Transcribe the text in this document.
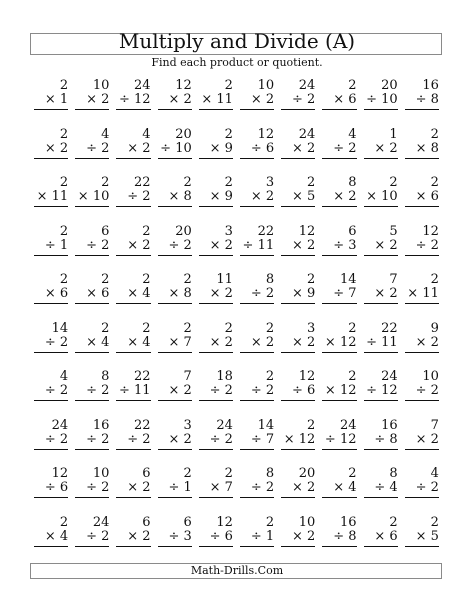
Multiply and Divide (A)
Find each product or quotient.
2
× 1
10
× 2
24
÷ 12
12
× 2
2
× 11
10
× 2
24
÷ 2
2
× 6
20
÷ 10
16
÷ 8
2
× 2
4
÷ 2
4
× 2
20
÷ 10
2
× 9
12
÷ 6
24
× 2
4
÷ 2
1
× 2
2
× 8
2
× 11
2
× 10
22
÷ 2
2
× 8
2
× 9
3
× 2
2
× 5
8
× 2
2
× 10
2
× 6
2
÷ 1
6
÷ 2
2
× 2
20
÷ 2
3
× 2
22
÷ 11
12
× 2
6
÷ 3
5
× 2
12
÷ 2
2
× 6
2
× 6
2
× 4
2
× 8
11
× 2
8
÷ 2
2
× 9
14
÷ 7
7
× 2
2
× 11
14
÷ 2
2
× 4
2
× 4
2
× 7
2
× 2
2
× 2
3
× 2
2
× 12
22
÷ 11
9
× 2
4
÷ 2
8
÷ 2
22
÷ 11
7
× 2
18
÷ 2
2
÷ 2
12
÷ 6
2
× 12
24
÷ 12
10
÷ 2
24
÷ 2
16
÷ 2
22
÷ 2
3
× 2
24
÷ 2
14
÷ 7
2
× 12
24
÷ 12
16
÷ 8
7
× 2
12
÷ 6
10
÷ 2
6
× 2
2
÷ 1
2
× 7
8
÷ 2
20
× 2
2
× 4
8
÷ 4
4
÷ 2
2
× 4
24
÷ 2
6
× 2
6
÷ 3
12
÷ 6
2
÷ 1
10
× 2
16
÷ 8
2
× 6
2
× 5
Math-Drills.Com
